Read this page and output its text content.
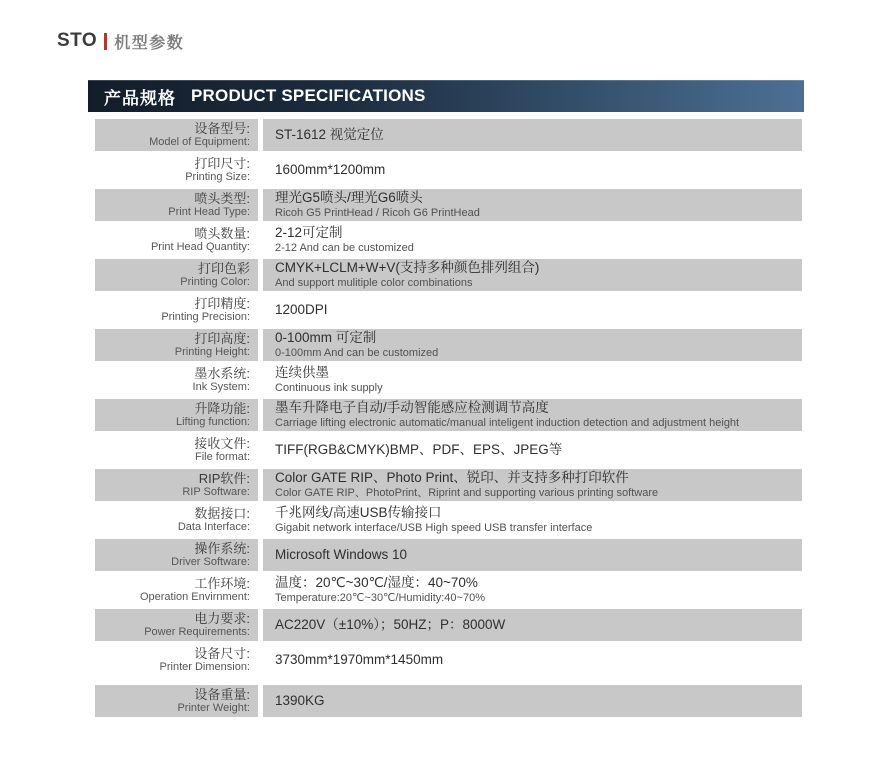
STO 机型参数
产品规格 PRODUCT SPECIFICATIONS
设备型号:
Model of Equipment: ST-1612 视觉定位
打印尺寸:
Printing Size: 1600mm*1200mm
喷头类型:
Print Head Type:
理光G5喷头/理光G6喷头
Ricoh G5 PrintHead / Ricoh G6 PrintHead
喷头数量:
Print Head Quantity:
2-12可定制
2-12 And can be customized
打印色彩
Printing Color:
CMYK+LCLM+W+V(支持多种颜色排列组合)
And support mulitiple color combinations
打印精度:
Printing Precision: 1200DPI
打印高度:
Printing Height:
0-100mm 可定制
0-100mm And can be customized
墨水系统:
Ink System:
连续供墨
Continuous ink supply
升降功能:
Lifting function:
墨车升降电子自动/手动智能感应检测调节高度
Carriage lifting electronic automatic/manual inteligent induction detection and adjustment height
接收文件:
File format: TIFF(RGB&CMYK)BMP、PDF、EPS、JPEG等
RIP软件:
RIP Software:
Color GATE RIP、Photo Print、锐印、并支持多种打印软件
Color GATE RIP、PhotoPrint、Riprint and supporting various printing software
数据接口:
Data Interface:
千兆网线/高速USB传输接口
Gigabit network interface/USB High speed USB transfer interface
操作系统:
Driver Software: Microsoft Windows 10
工作环境:
Operation Envirnment:
温度：20℃~30℃/湿度：40~70%
Temperature:20℃~30℃/Humidity:40~70%
电力要求:
Power Requirements: AC220V（±10%）；50HZ；P：8000W
设备尺寸:
Printer Dimension: 3730mm*1970mm*1450mm
设备重量:
Printer Weight: 1390KG
